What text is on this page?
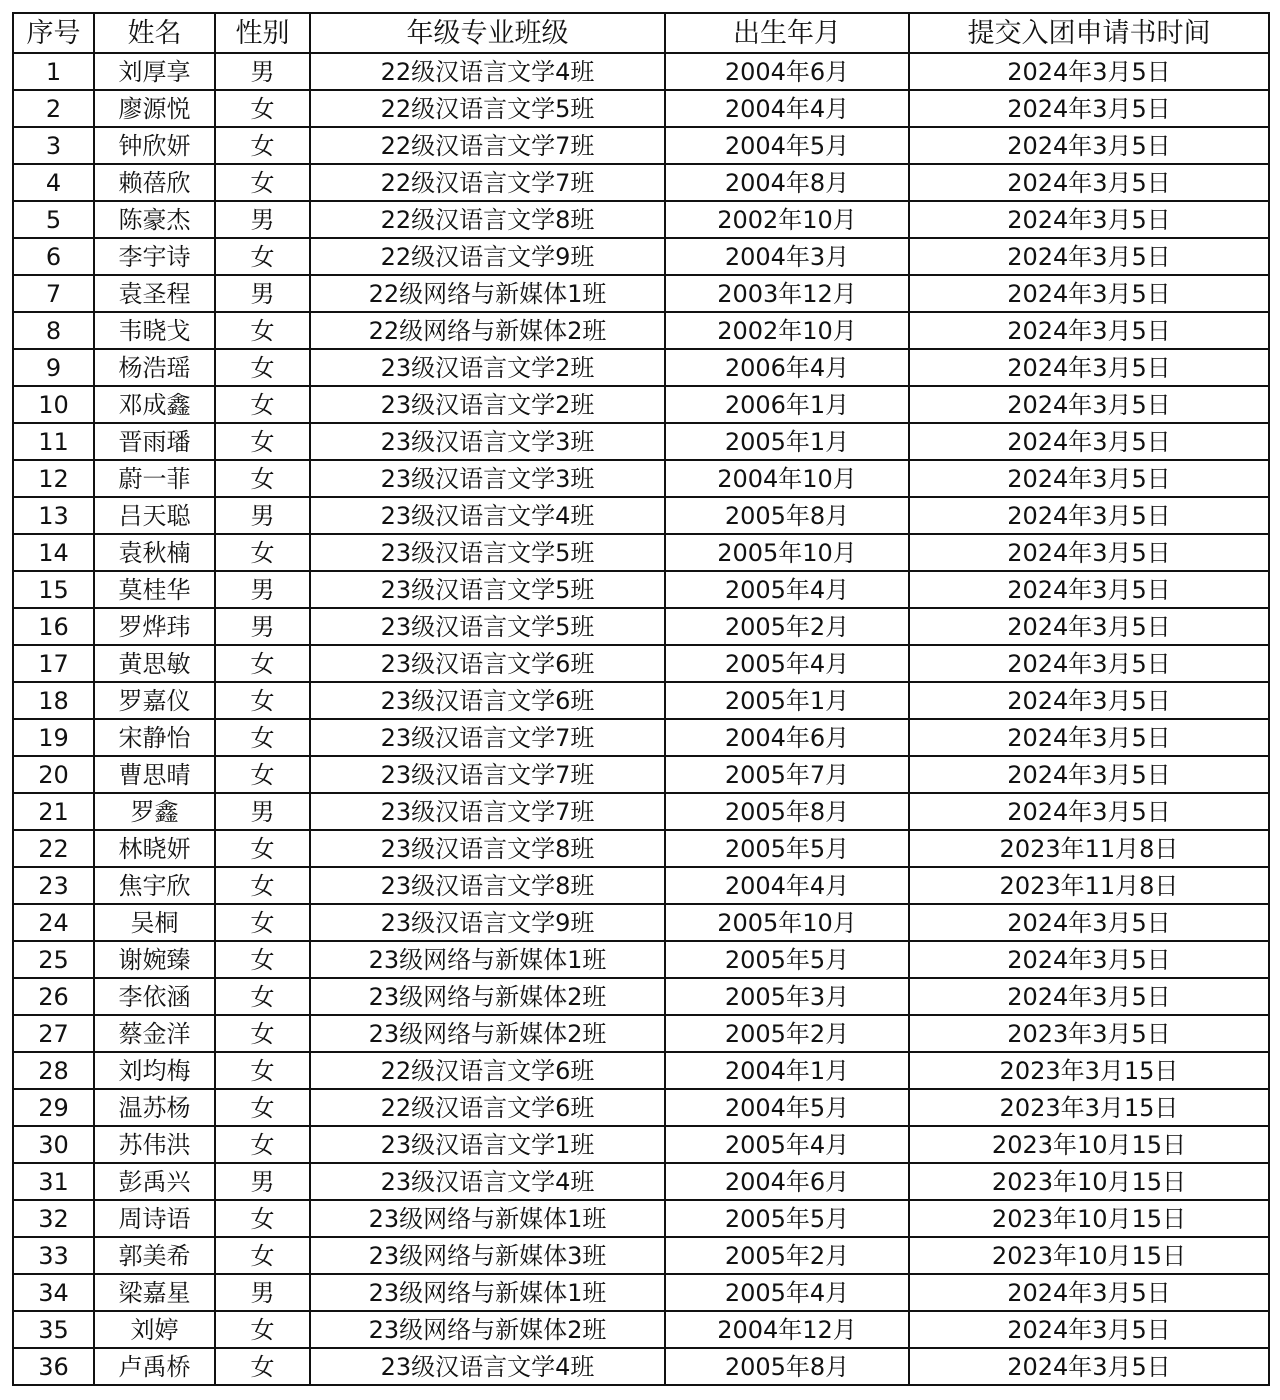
序号	姓名	性别	年级专业班级	出生年月	提交入团申请书时间
1	刘厚享	男	22级汉语言文学4班	2004年6月	2024年3月5日
2	廖源悦	女	22级汉语言文学5班	2004年4月	2024年3月5日
3	钟欣妍	女	22级汉语言文学7班	2004年5月	2024年3月5日
4	赖蓓欣	女	22级汉语言文学7班	2004年8月	2024年3月5日
5	陈豪杰	男	22级汉语言文学8班	2002年10月	2024年3月5日
6	李宇诗	女	22级汉语言文学9班	2004年3月	2024年3月5日
7	袁圣程	男	22级网络与新媒体1班	2003年12月	2024年3月5日
8	韦晓戈	女	22级网络与新媒体2班	2002年10月	2024年3月5日
9	杨浩瑶	女	23级汉语言文学2班	2006年4月	2024年3月5日
10	邓成鑫	女	23级汉语言文学2班	2006年1月	2024年3月5日
11	晋雨璠	女	23级汉语言文学3班	2005年1月	2024年3月5日
12	蔚一菲	女	23级汉语言文学3班	2004年10月	2024年3月5日
13	吕天聪	男	23级汉语言文学4班	2005年8月	2024年3月5日
14	袁秋楠	女	23级汉语言文学5班	2005年10月	2024年3月5日
15	莫桂华	男	23级汉语言文学5班	2005年4月	2024年3月5日
16	罗烨玮	男	23级汉语言文学5班	2005年2月	2024年3月5日
17	黄思敏	女	23级汉语言文学6班	2005年4月	2024年3月5日
18	罗嘉仪	女	23级汉语言文学6班	2005年1月	2024年3月5日
19	宋静怡	女	23级汉语言文学7班	2004年6月	2024年3月5日
20	曹思晴	女	23级汉语言文学7班	2005年7月	2024年3月5日
21	罗鑫	男	23级汉语言文学7班	2005年8月	2024年3月5日
22	林晓妍	女	23级汉语言文学8班	2005年5月	2023年11月8日
23	焦宇欣	女	23级汉语言文学8班	2004年4月	2023年11月8日
24	吴桐	女	23级汉语言文学9班	2005年10月	2024年3月5日
25	谢婉臻	女	23级网络与新媒体1班	2005年5月	2024年3月5日
26	李依涵	女	23级网络与新媒体2班	2005年3月	2024年3月5日
27	蔡金洋	女	23级网络与新媒体2班	2005年2月	2023年3月5日
28	刘均梅	女	22级汉语言文学6班	2004年1月	2023年3月15日
29	温苏杨	女	22级汉语言文学6班	2004年5月	2023年3月15日
30	苏伟洪	女	23级汉语言文学1班	2005年4月	2023年10月15日
31	彭禹兴	男	23级汉语言文学4班	2004年6月	2023年10月15日
32	周诗语	女	23级网络与新媒体1班	2005年5月	2023年10月15日
33	郭美希	女	23级网络与新媒体3班	2005年2月	2023年10月15日
34	梁嘉星	男	23级网络与新媒体1班	2005年4月	2024年3月5日
35	刘婷	女	23级网络与新媒体2班	2004年12月	2024年3月5日
36	卢禹桥	女	23级汉语言文学4班	2005年8月	2024年3月5日
